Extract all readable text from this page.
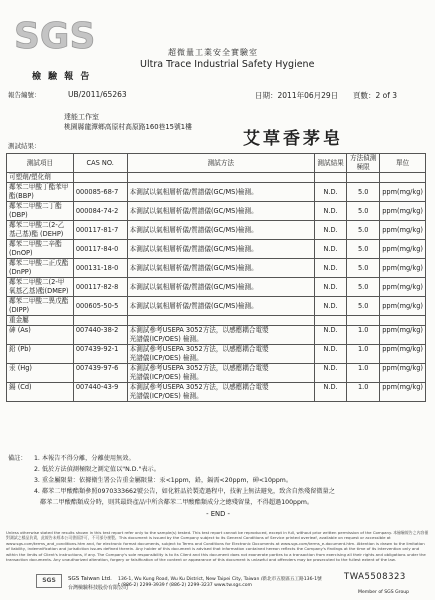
SGS	超微量工業安全實驗室
Ultra Trace Industrial Safety Hygiene
檢 驗 報 告
報告編號：	UB/2011/65263	日期：2011年06月29日 頁數：2 of 3
達能工作室
桃園縣龍潭鄉高原村高原路160巷15號1樓
艾草香茅皂
測試結果：
測試項目	CAS NO.	測試方法	測試結果	方法偵測極限	單位
可塑劑/塑化劑					

鄰苯二甲酸丁酯苯甲
酯(BBP)	000085-68-7	本測試以氣相層析儀/質譜儀(GC/MS)檢測。	N.D.	5.0	ppm(mg/kg)

鄰苯二甲酸二丁酯
(DBP)	000084-74-2	本測試以氣相層析儀/質譜儀(GC/MS)檢測。	N.D.	5.0	ppm(mg/kg)

鄰苯二甲酸二(2-乙
基己基)酯 (DEHP)	000117-81-7	本測試以氣相層析儀/質譜儀(GC/MS)檢測。	N.D.	5.0	ppm(mg/kg)

鄰苯二甲酸二辛酯
(DnOP)	000117-84-0	本測試以氣相層析儀/質譜儀(GC/MS)檢測。	N.D.	5.0	ppm(mg/kg)

鄰苯二甲酸二正戊酯
(DnPP)	000131-18-0	本測試以氣相層析儀/質譜儀(GC/MS)檢測。	N.D.	5.0	ppm(mg/kg)

鄰苯二甲酸二(2-甲
氧基乙基)酯(DMEP)	000117-82-8	本測試以氣相層析儀/質譜儀(GC/MS)檢測。	N.D.	5.0	ppm(mg/kg)

鄰苯二甲酸二異戊酯
(DIPP)	000605-50-5	本測試以氣相層析儀/質譜儀(GC/MS)檢測。	N.D.	5.0	ppm(mg/kg)
重金屬					
砷 (As)	007440-38-2	本測試參考USEPA 3052方法，以感應耦合電漿
光譜儀(ICP/OES) 檢測。	N.D.	1.0	ppm(mg/kg)
鉛 (Pb)	007439-92-1	本測試參考USEPA 3052方法，以感應耦合電漿
光譜儀(ICP/OES) 檢測。	N.D.	1.0	ppm(mg/kg)
汞 (Hg)	007439-97-6	本測試參考USEPA 3052方法，以感應耦合電漿
光譜儀(ICP/OES) 檢測。	N.D.	1.0	ppm(mg/kg)
鎘 (Cd)	007440-43-9	本測試參考USEPA 3052方法，以感應耦合電漿
光譜儀(ICP/OES) 檢測。	N.D.	1.0	ppm(mg/kg)
備註： 1. 本報告不得分離，分離使用無效。
2. 低於方法偵測極限之測定值以"N.D."表示。
3. 重金屬限量：依據衛生署公告重金屬限量：汞<1ppm，鉛，鎘需<20ppm，砷<10ppm。
4. 鄰苯二甲酸酯類參照0970333662號公告，如化粧品於製造過程中，技術上無法避免，致含自然殘留微量之
鄰苯二甲酸酯類成分時，則其最終產品中所含鄰苯二甲酸酯類成分之總殘留量，不得超過100ppm。
- END -
Unless otherwise stated the results shown in this test report refer only to the sample(s) tested. This test report cannot be reproduced, except in full, without prior written permission of the Company. 本檢驗報告之內容僅對測試之樣品負責，此報告未經本公司書面許可，不可部分複製。This document is issued by the Company subject to its General Conditions of Service printed overleaf, available on request or accessible at www.sgs.com/terms_and_conditions.htm and, for electronic format documents, subject to Terms and Conditions for Electronic Documents at www.sgs.com/terms_e-document.htm. Attention is drawn to the limitation of liability, indemnification and jurisdiction issues defined therein. Any holder of this document is advised that information contained hereon reflects the Company's findings at the time of its intervention only and within the limits of Client's instructions, if any. The Company's sole responsibility is to its Client and this document does not exonerate parties to a transaction from exercising all their rights and obligations under the transaction documents. Any unauthorized alteration, forgery or falsification of the content or appearance of this document is unlawful and offenders may be prosecuted to the fullest extent of the law.
SGS	SGS Taiwan Ltd.
台灣檢驗科技股份有限公司
136-1, Wu Kung Road, Wu Ku District, New Taipei City, Taiwan /新北市五股區五工路136-1號
t (886-2) 2299-3939 f (886-2) 2299-3237 www.tw.sgs.com
TWA5508323
Member of SGS Group
